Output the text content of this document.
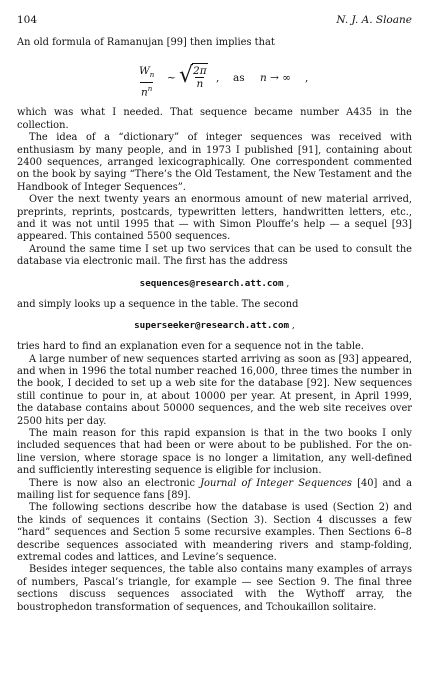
104	N. J. A. Sloane

An old formula of Ramanujan [99] then implies that

$\frac{W_n}{n^n}$ ∼ √ $\frac{2\pi}{n}$ , as n → ∞ ,

which was what I needed. That sequence became number A435 in the collection.

The idea of a “dictionary” of integer sequences was received with enthusiasm by many people, and in 1973 I published [91], containing about 2400 sequences, arranged lexicographically. One correspondent commented on the book by saying “There’s the Old Testament, the New Testament and the Handbook of Integer Sequences”.

Over the next twenty years an enormous amount of new material arrived, preprints, reprints, postcards, typewritten letters, handwritten letters, etc., and it was not until 1995 that — with Simon Plouffe’s help — a sequel [93] appeared. This contained 5500 sequences.

Around the same time I set up two services that can be used to consult the database via electronic mail. The first has the address

sequences@research.att.com ,

and simply looks up a sequence in the table. The second

superseeker@research.att.com ,

tries hard to find an explanation even for a sequence not in the table.

A large number of new sequences started arriving as soon as [93] appeared, and when in 1996 the total number reached 16,000, three times the number in the book, I decided to set up a web site for the database [92]. New sequences still continue to pour in, at about 10000 per year. At present, in April 1999, the database contains about 50000 sequences, and the web site receives over 2500 hits per day.

The main reason for this rapid expansion is that in the two books I only included sequences that had been or were about to be published. For the on-line version, where storage space is no longer a limitation, any well-defined and sufficiently interesting sequence is eligible for inclusion.

There is now also an electronic Journal of Integer Sequences [40] and a mailing list for sequence fans [89].

The following sections describe how the database is used (Section 2) and the kinds of sequences it contains (Section 3). Section 4 discusses a few “hard” sequences and Section 5 some recursive examples. Then Sections 6–8 describe sequences associated with meandering rivers and stamp-folding, extremal codes and lattices, and Levine’s sequence.

Besides integer sequences, the table also contains many examples of arrays of numbers, Pascal’s triangle, for example — see Section 9. The final three sections discuss sequences associated with the Wythoff array, the boustrophedon transformation of sequences, and Tchoukaillon solitaire.
